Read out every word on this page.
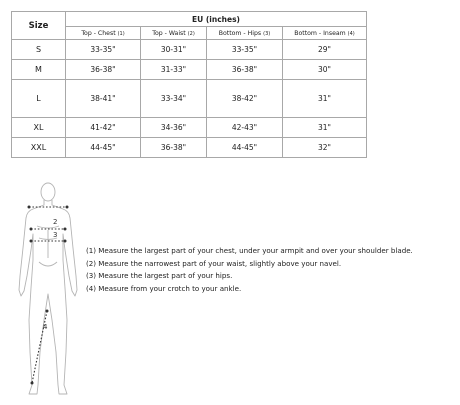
Size	EU (inches)			
	Top - Chest (1)	Top - Waist (2)	Bottom - Hips (3)	Bottom - Inseam (4)
S	33-35"	30-31"	33-35"	29"
M	36-38"	31-33"	36-38"	30"
L	38-41"	33-34"	38-42"	31"
XL	41-42"	34-36"	42-43"	31"
XXL	44-45"	36-38"	44-45"	32"
2
3
4
(1) Measure the largest part of your chest, under your armpit and over your shoulder blade.
(2) Measure the narrowest part of your waist, slightly above your navel.
(3) Measure the largest part of your hips.
(4) Measure from your crotch to your ankle.
